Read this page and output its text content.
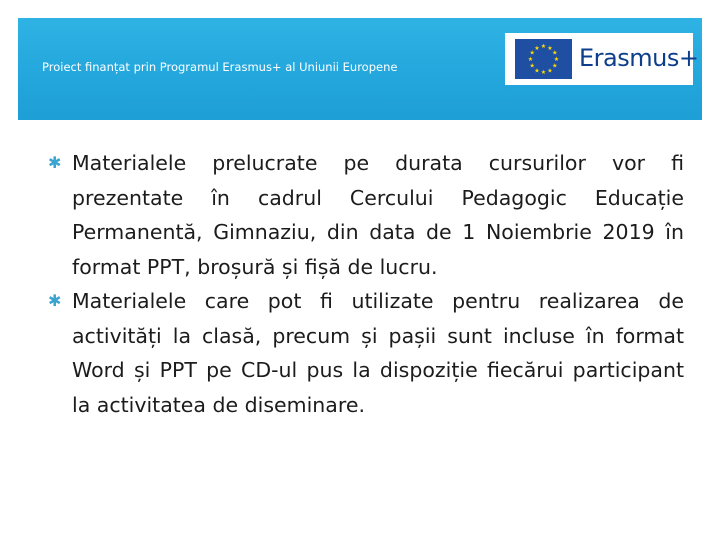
Proiect finanțat prin Programul Erasmus+ al Uniunii Europene
★ ★
★
★
★
★
★
★
★
★
★
★ Erasmus+
✱ Materialele prelucrate pe durata cursurilor vor fi prezentate în cadrul Cercului Pedagogic Educație Permanentă, Gimnaziu, din data de 1 Noiembrie 2019 în format PPT, broșură și fișă de lucru.
✱ Materialele care pot fi utilizate pentru realizarea de activități la clasă, precum și pașii sunt incluse în format Word și PPT pe CD-ul pus la dispoziție fiecărui participant la activitatea de diseminare.
